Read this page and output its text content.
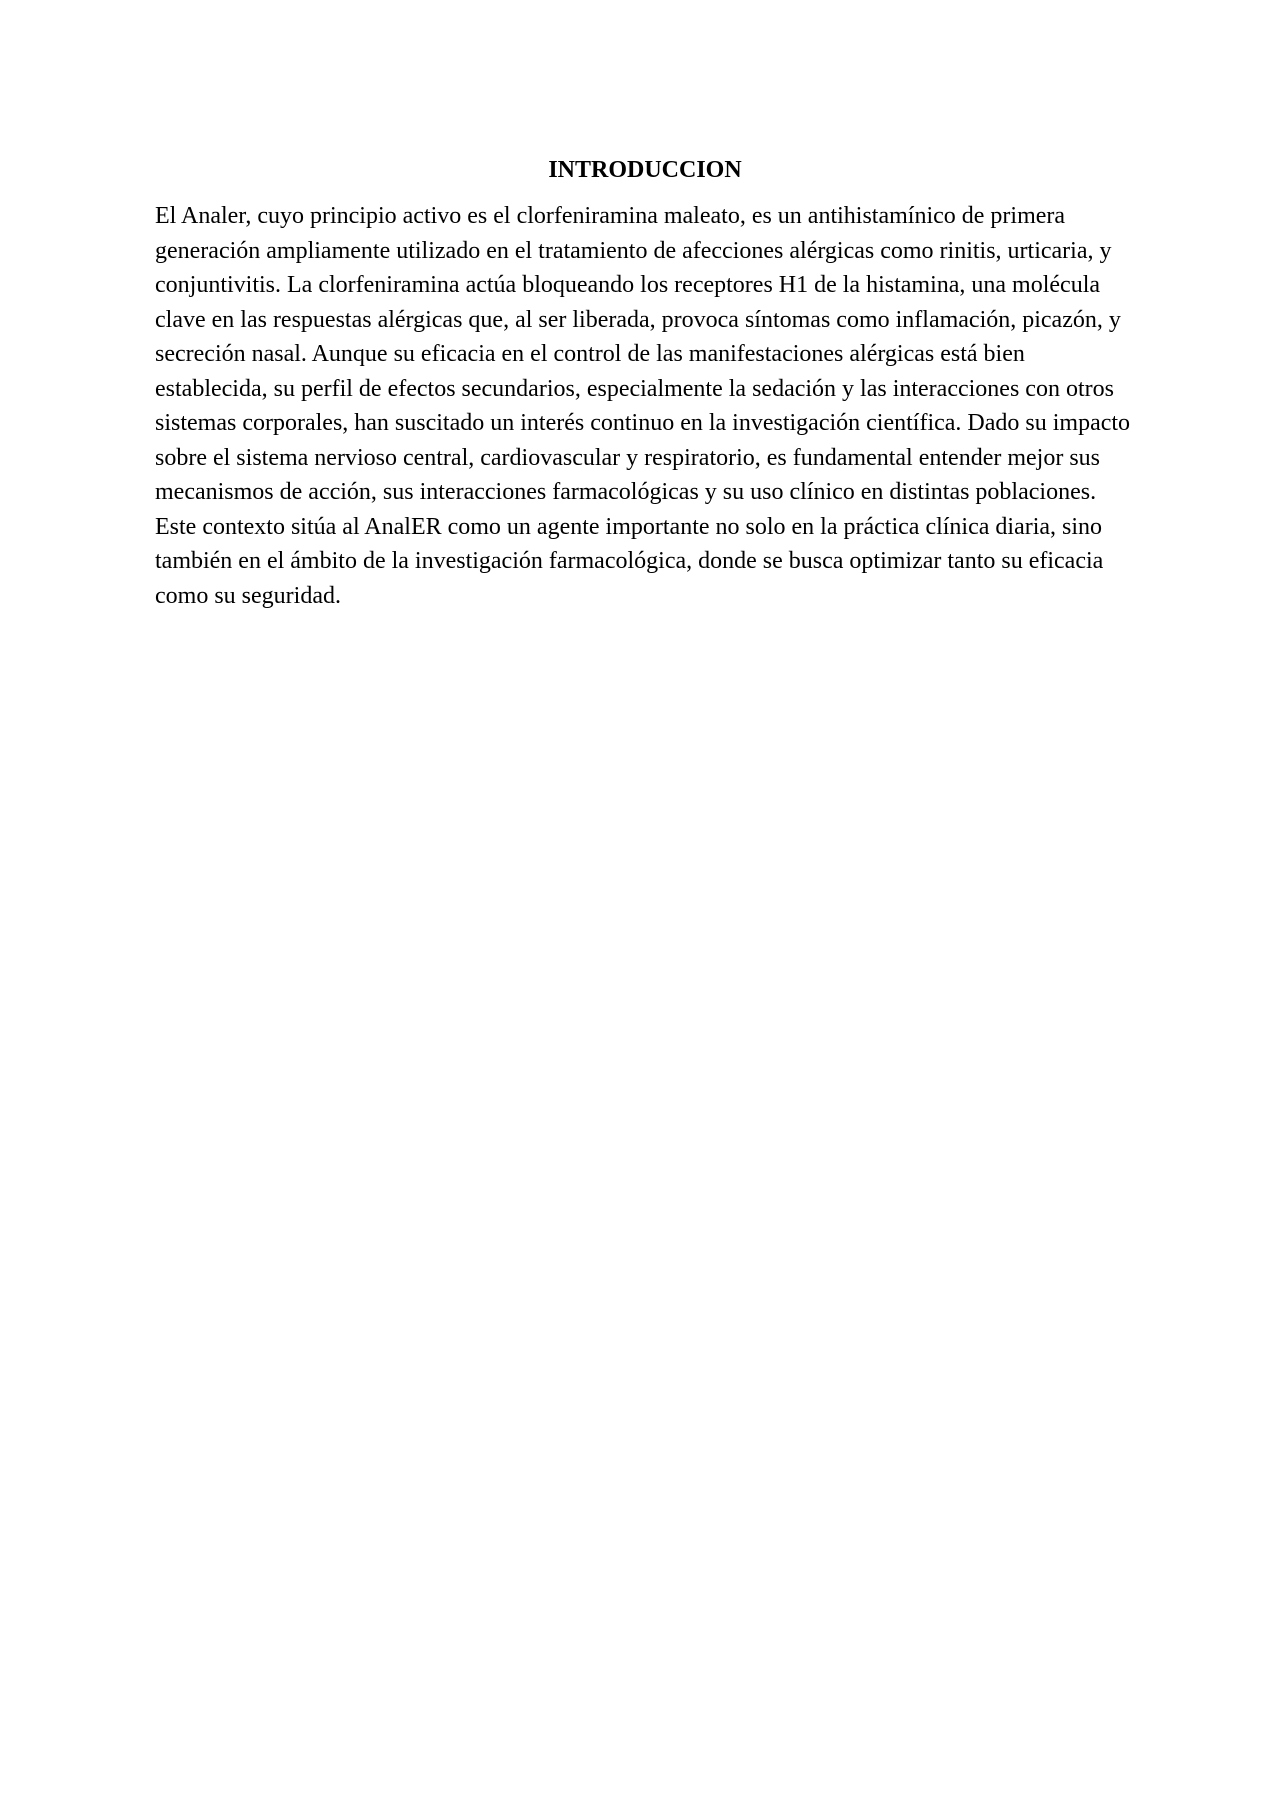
INTRODUCCION

El Analer, cuyo principio activo es el clorfeniramina maleato, es un antihistamínico de primera generación ampliamente utilizado en el tratamiento de afecciones alérgicas como rinitis, urticaria, y conjuntivitis. La clorfeniramina actúa bloqueando los receptores H1 de la histamina, una molécula clave en las respuestas alérgicas que, al ser liberada, provoca síntomas como inflamación, picazón, y secreción nasal. Aunque su eficacia en el control de las manifestaciones alérgicas está bien establecida, su perfil de efectos secundarios, especialmente la sedación y las interacciones con otros sistemas corporales, han suscitado un interés continuo en la investigación científica. Dado su impacto sobre el sistema nervioso central, cardiovascular y respiratorio, es fundamental entender mejor sus mecanismos de acción, sus interacciones farmacológicas y su uso clínico en distintas poblaciones. Este contexto sitúa al AnalER como un agente importante no solo en la práctica clínica diaria, sino también en el ámbito de la investigación farmacológica, donde se busca optimizar tanto su eficacia como su seguridad.
